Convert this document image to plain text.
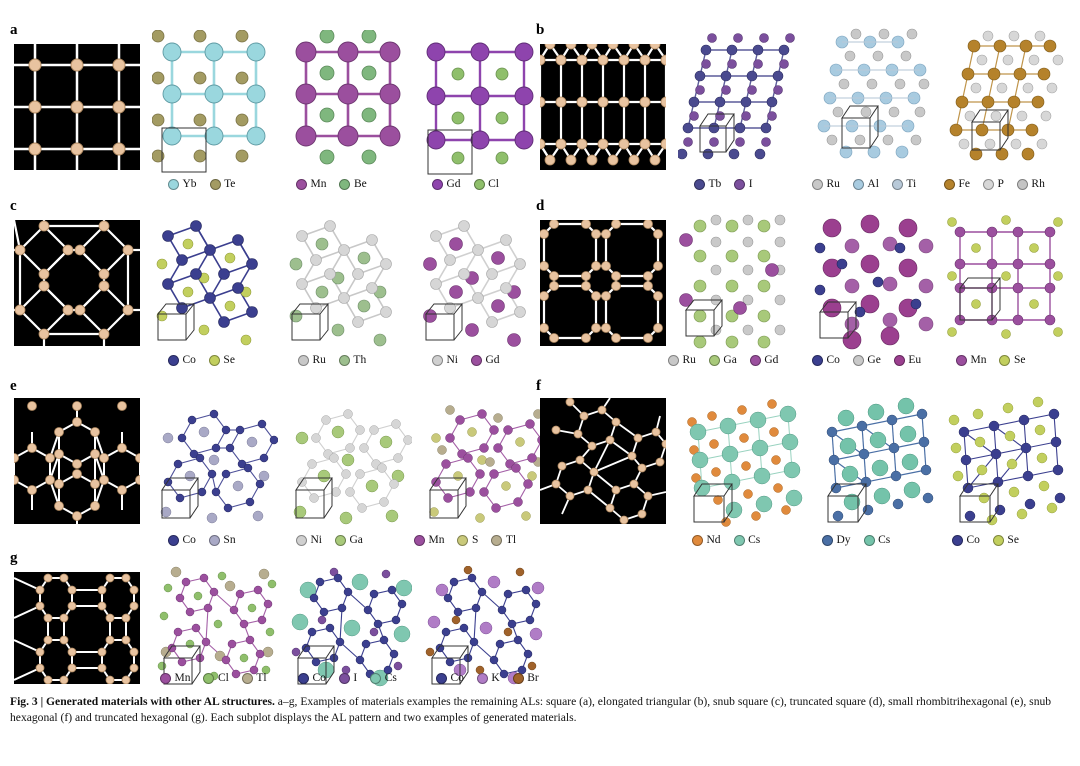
a
Yb Te	Mn Be	Gd Cl
b
Tb I	Ru Al Ti	Fe P Rh
c
Co Se	Ru Th	Ni Gd
d
Ru Ga Gd	Co Ge Eu	Mn Se
e
Co Sn	Ni Ga	Mn S Tl
f
Nd Cs	Dy Cs	Co Se
g
Mn Cl Tl	Co I Cs	Co K Br
Fig. 3 | Generated materials with other AL structures. a–g, Examples of materials examples the remaining ALs: square (a), elongated triangular (b), snub square (c), truncated square (d), small rhombitrihexagonal (e), snub hexagonal (f) and truncated hexagonal (g). Each subplot displays the AL pattern and two examples of generated materials.
